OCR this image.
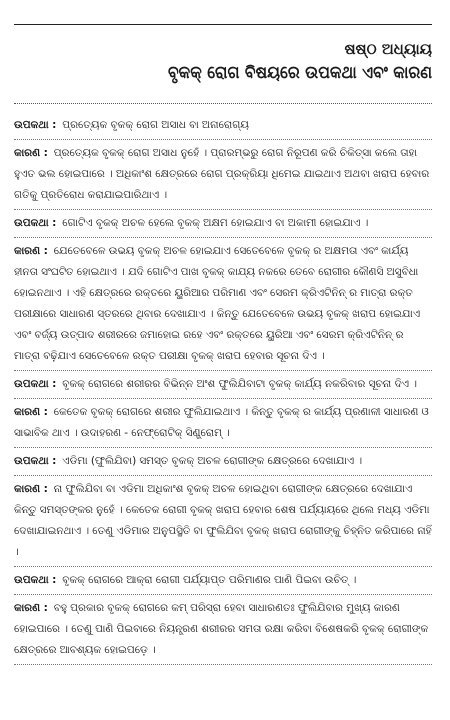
ଷଷ୍ଠ ଅଧ୍ୟାୟ
ବୃକକ୍ ରୋଗ ବିଷୟରେ ଉପକଥା ଏବଂ କାରଣ
ଉପକଥା : ପ୍ରତ୍ୟେକ ବୃକକ୍ ରୋଗ ଅସାଧ ବା ଅନାରୋଗ୍ୟ
କାରଣ : ପ୍ରତ୍ୟେକ ବୃକକ୍ ରୋଗ ଅସାଧ ନୁହେଁ । ପ୍ରାରମ୍ଭରୁ ରୋଗ ନିରୂପଣ କରି ଚିକିତ୍ସା କଲେ ତାହା ହୁଏତ ଭଲ ହୋଇପାରେ । ଅଧିକାଂଶ କ୍ଷେତ୍ରରେ ରୋଗ ପ୍ରକ୍ରିୟା ଧିମେଇ ଯାଇଥାଏ ଅଥବା ଖରାପ ହେବାର ଗତିକୁ ପ୍ରତିରୋଧ କରାଯାଇପାରିଥାଏ ।
ଉପକଥା : ଗୋଟିଏ ବୃକକ୍ ଅଚଳ ହେଲେ ବୃକକ୍ ଅକ୍ଷମ ହୋଇଯାଏ ବା ଅକାମୀ ହୋଇଯାଏ ।
କାରଣ : ଯେତେବେଳେ ଉଭୟ ବୃକକ୍ ଅଚଳ ହୋଇଯାଏ ସେତେବେଳେ ବୃକକ୍ ର ଅକ୍ଷମତା ଏବଂ କାର୍ଯ୍ୟ ହୀନତା ସଂଘଟିତ ହୋଇଥାଏ । ଯଦି ଗୋଟିଏ ପାଖ ବୃକକ୍ କାଯ୍ୟ ନକରେ ତେବେ ରୋଗୀର କୌଣସି ଅସୁବିଧା ହୋଇନଥାଏ । ଏହି କ୍ଷେତ୍ରରେ ରକ୍ତରେ ୟୁରିଆର ପରିମାଣ ଏବଂ ସେରମ କ୍ରିଏଟିନିନ୍ ର ମାତ୍ରା ରକ୍ତ ପରୀକ୍ଷାରେ ସାଧାରଣ ସ୍ତରରେ ଥିବାର ଦେଖାଯାଏ । କିନ୍ତୁ ଯେତେବେଳେ ଉଭୟ ବୃକକ୍ ଖରାପ ହୋଇଯାଏ ଏବଂ ବର୍ଜ୍ୟ ଉତ୍ପାଦ ଶରୀରରେ ଜମାହୋଇ ରହେ ଏବଂ ରକ୍ତରେ ୟୁରିଆ ଏବଂ ସେରମ କ୍ରିଏଟିନିନ୍ ର ମାତ୍ରା ବଢ଼ିଯାଏ ସେତେବେଳେ ରକ୍ତ ପରୀକ୍ଷା ବୃକକ୍ ଖରାପ ହେବାର ସୂଚନା ଦିଏ ।
ଉପକଥା : ବୃକକ୍ ରୋଗରେ ଶରୀରର ବିଭିନ୍ନ ଅଂଶ ଫୁଲିଯିବାଟା ବୃକକ୍ କାର୍ଯ୍ୟ ନକରିବାର ସୂଚନା ଦିଏ ।
କାରଣ : କେତେକ ବୃକକ୍ ରୋଗରେ ଶରୀର ଫୁଲିଯାଇଥାଏ । କିନ୍ତୁ ବୃକକ୍ ର କାର୍ଯ୍ୟ ପ୍ରଣାଳୀ ସାଧାରଣ ଓ ସାଭାବିକ ଥାଏ । ଉଦାହରଣ - ନେଫ୍ରୋଟିକ୍ ସିଣ୍ଡ୍ରୋମ୍ ।
ଉପକଥା : ଏଡିମା (ଫୁଲିଯିବା) ସମସ୍ତ ବୃକକ୍ ଅଚଳ ରୋଗୀଙ୍କ କ୍ଷେତ୍ରରେ ଦେଖାଯାଏ ।
କାରଣ : ନା ଫୁଲିଯିବା ବା ଏଡିମା ଅଧିକାଂଶ ବୃକକ୍ ଅଚଳ ହୋଇଥିବା ରୋଗୀଙ୍କ କ୍ଷେତ୍ରରେ ଦେଖାଯାଏ କିନ୍ତୁ ସମସ୍ତଙ୍କର ନୁହେଁ । କେତେକ ରୋଗୀ ବୃକକ୍ ଖରାପ ହେବାର ଶେଷ ପର୍ଯ୍ୟାୟରେ ଥିଲେ ମଧ୍ୟ ଏଡିମା ଦେଖାଯାଇନଥାଏ । ତେଣୁ ଏଡିମାର ଅନୁପସ୍ଥିତି ବା ଫୁଲିଯିବା ବୃକକ୍ ଖରାପ ରୋଗୀଙ୍କୁ ଚିହ୍ନିତ କରିପାରେ ନାହିଁ ।
ଉପକଥା : ବୃକକ୍ ରୋଗରେ ଆକ୍ରା ରୋଗୀ ପର୍ଯ୍ୟାପ୍ତ ପରିମାଣର ପାଣି ପିଇବା ଉଚିତ୍ ।
କାରଣ : ବହୁ ପ୍ରକାର ବୃକକ୍ ରୋଗରେ କମ୍ ପରିସ୍ରା ହେବା ସାଧାରଣତଃ ଫୁଲିଯିବାର ମୁଖ୍ୟ କାରଣ ହୋଇପାରେ । ତେଣୁ ପାଣି ପିଇବାରେ ନିୟନ୍ତ୍ରଣ ଶରୀରର ସମତା ରକ୍ଷା କରିବା ବିଶେଷକରି ବୃକକ୍ ରୋଗୀଙ୍କ କ୍ଷେତ୍ରରେ ଆବଶ୍ୟକ ହୋଇପଡ଼େ ।
